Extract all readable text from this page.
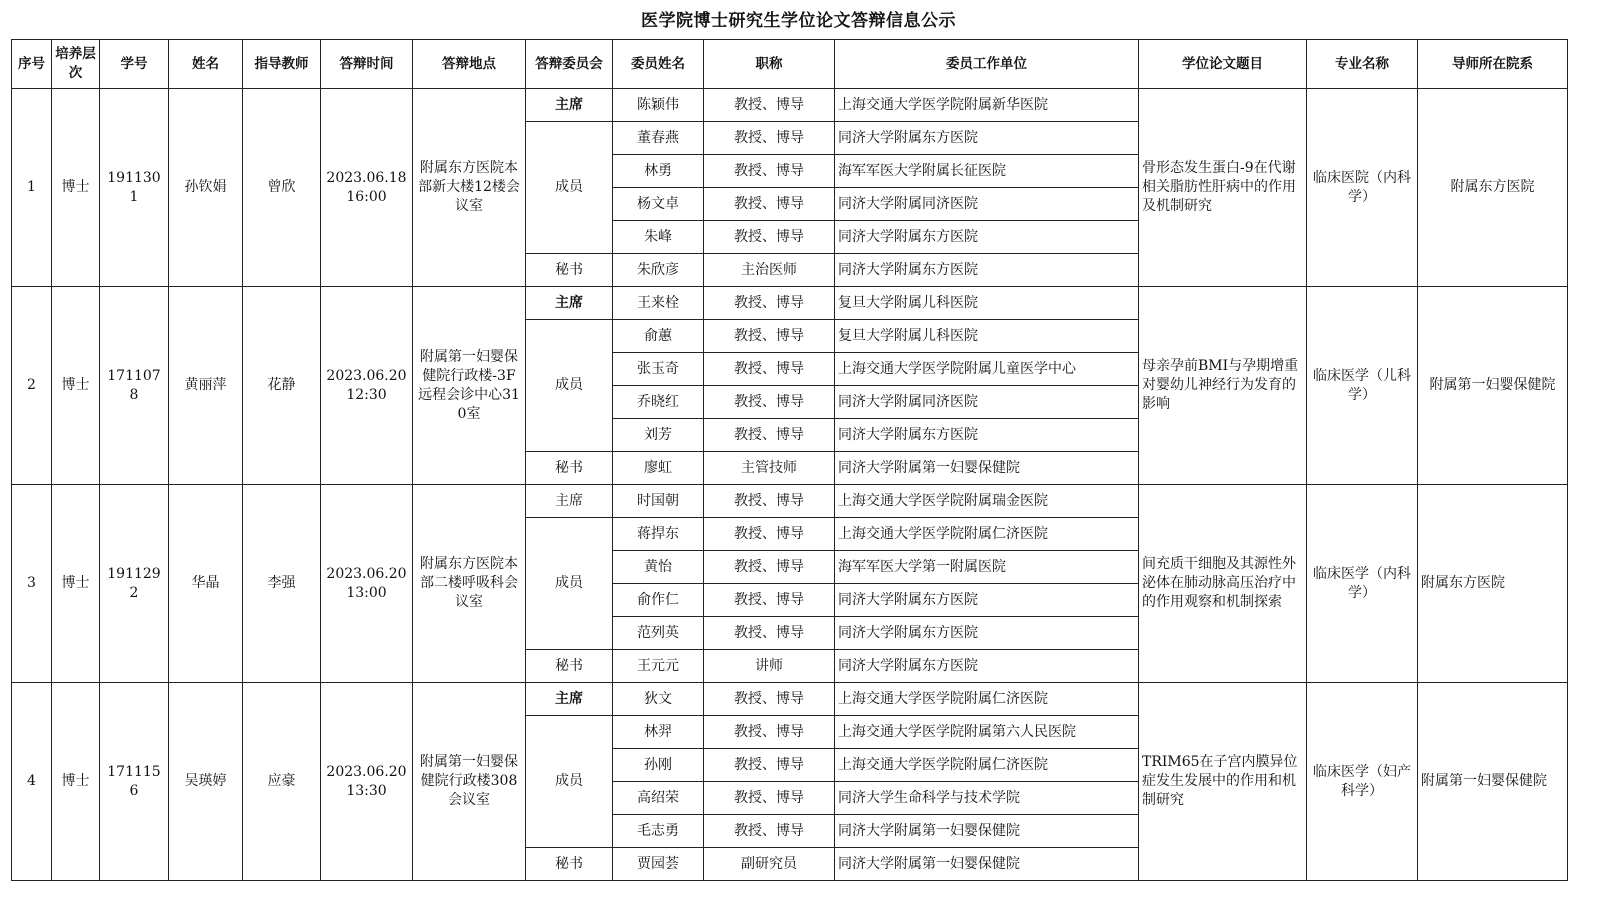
医学院博士研究生学位论文答辩信息公示
序号	培养层次	学号	姓名	指导教师	答辩时间	答辩地点	答辩委员会	委员姓名	职称	委员工作单位	学位论文题目	专业名称	导师所在院系
1	博士	1911301	孙钦娟	曾欣	2023.06.18 16:00	附属东方医院本部新大楼12楼会议室	主席	陈颖伟	教授、博导	上海交通大学医学院附属新华医院	骨形态发生蛋白-9在代谢相关脂肪性肝病中的作用及机制研究	临床医院（内科学）	附属东方医院
							成员	董春燕	教授、博导	同济大学附属东方医院			
								林勇	教授、博导	海军军医大学附属长征医院			
								杨文卓	教授、博导	同济大学附属同济医院			
								朱峰	教授、博导	同济大学附属东方医院			
							秘书	朱欣彦	主治医师	同济大学附属东方医院			
2	博士	1711078	黄丽萍	花静	2023.06.20 12:30	附属第一妇婴保健院行政楼-3F远程会诊中心310室	主席	王来栓	教授、博导	复旦大学附属儿科医院	母亲孕前BMI与孕期增重对婴幼儿神经行为发育的影响	临床医学（儿科学）	附属第一妇婴保健院
							成员	俞蕙	教授、博导	复旦大学附属儿科医院			
								张玉奇	教授、博导	上海交通大学医学院附属儿童医学中心			
								乔晓红	教授、博导	同济大学附属同济医院			
								刘芳	教授、博导	同济大学附属东方医院			
							秘书	廖虹	主管技师	同济大学附属第一妇婴保健院			
3	博士	1911292	华晶	李强	2023.06.20 13:00	附属东方医院本部二楼呼吸科会议室	主席	时国朝	教授、博导	上海交通大学医学院附属瑞金医院	间充质干细胞及其源性外泌体在肺动脉高压治疗中的作用观察和机制探索	临床医学（内科学）	附属东方医院
							成员	蒋捍东	教授、博导	上海交通大学医学院附属仁济医院			
								黄怡	教授、博导	海军军医大学第一附属医院			
								俞作仁	教授、博导	同济大学附属东方医院			
								范列英	教授、博导	同济大学附属东方医院			
							秘书	王元元	讲师	同济大学附属东方医院			
4	博士	1711156	吴瑛婷	应豪	2023.06.20 13:30	附属第一妇婴保健院行政楼308会议室	主席	狄文	教授、博导	上海交通大学医学院附属仁济医院	TRIM65在子宫内膜异位症发生发展中的作用和机制研究	临床医学（妇产科学）	附属第一妇婴保健院
							成员	林羿	教授、博导	上海交通大学医学院附属第六人民医院			
								孙刚	教授、博导	上海交通大学医学院附属仁济医院			
								高绍荣	教授、博导	同济大学生命科学与技术学院			
								毛志勇	教授、博导	同济大学附属第一妇婴保健院			
							秘书	贾园荟	副研究员	同济大学附属第一妇婴保健院			
